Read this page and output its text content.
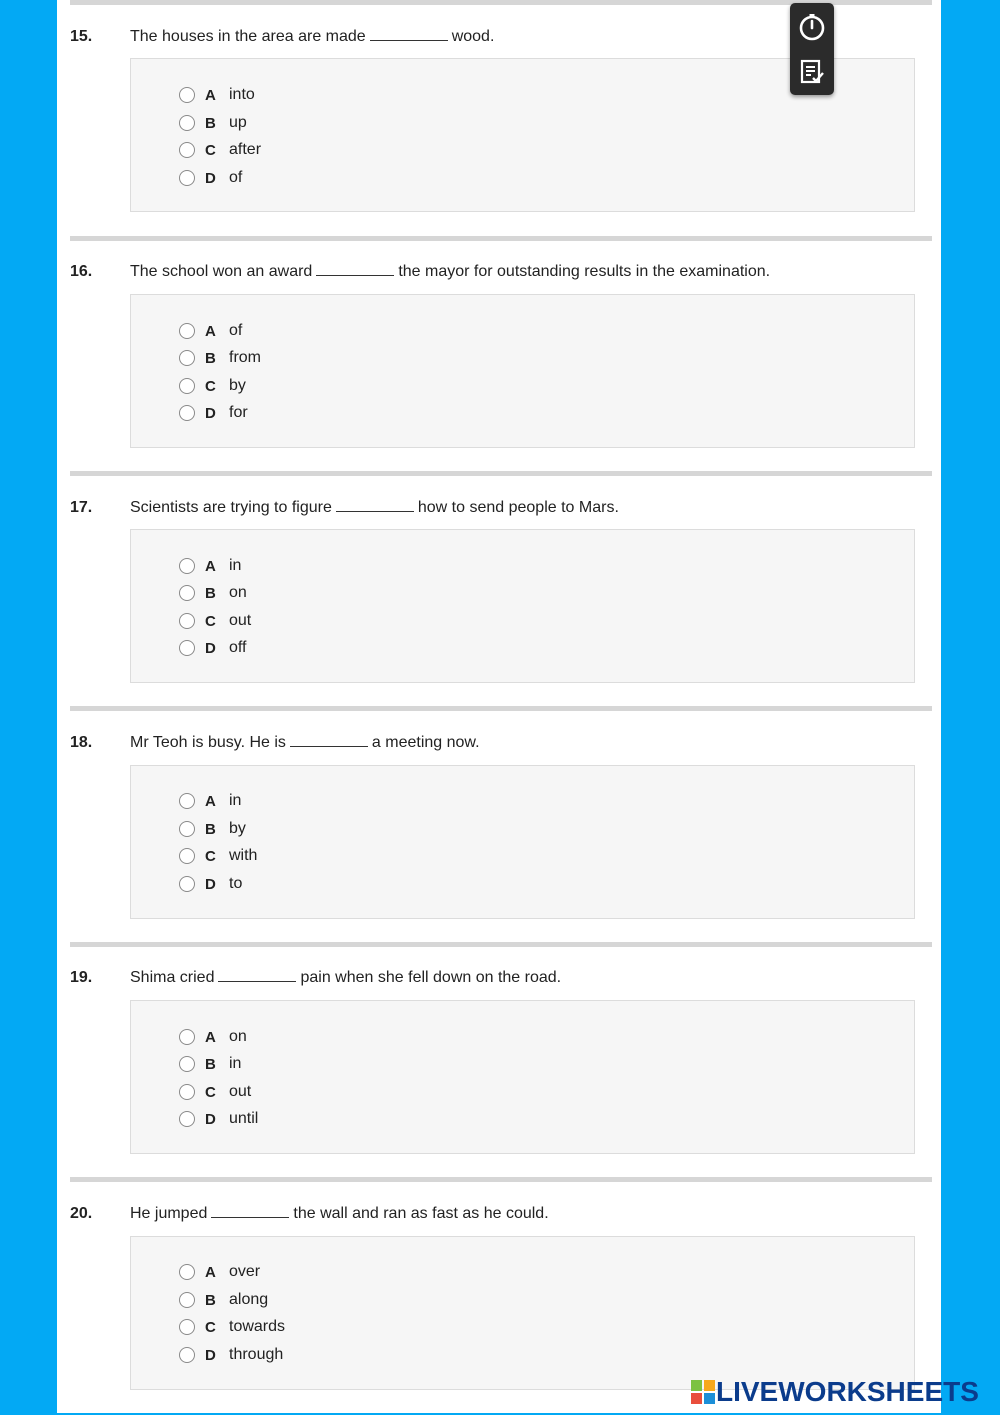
15. The houses in the area are made	wood.
A into
B up
C after
D of
16. The school won an award	the mayor for outstanding results in the examination.
A of
B from
C by
D for
17. Scientists are trying to figure	how to send people to Mars.
A in
B on
C out
D off
18. Mr Teoh is busy. He is	a meeting now.
A in
B by
C with
D to
19. Shima cried	pain when she fell down on the road.
A on
B in
C out
D until
20. He jumped	the wall and ran as fast as he could.
A over
B along
C towards
D through
LIVEWORKSHEETS
